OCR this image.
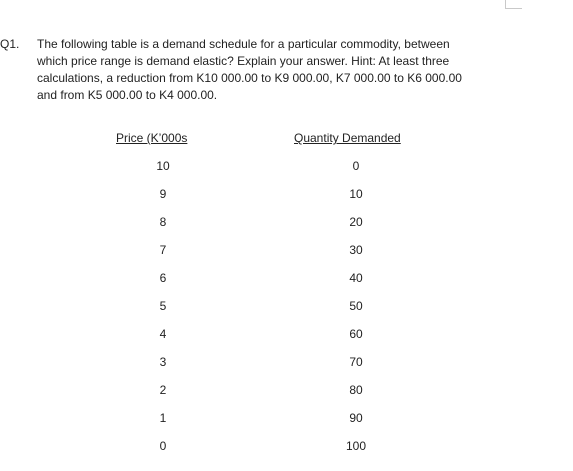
Q1. The following table is a demand schedule for a particular commodity, between
which price range is demand elastic? Explain your answer. Hint: At least three
calculations, a reduction from K10 000.00 to K9 000.00, K7 000.00 to K6 000.00
and from K5 000.00 to K4 000.00.
Price (K’000s	Quantity Demanded
10	0
9	10
8	20
7	30
6	40
5	50
4	60
3	70
2	80
1	90
0	100
